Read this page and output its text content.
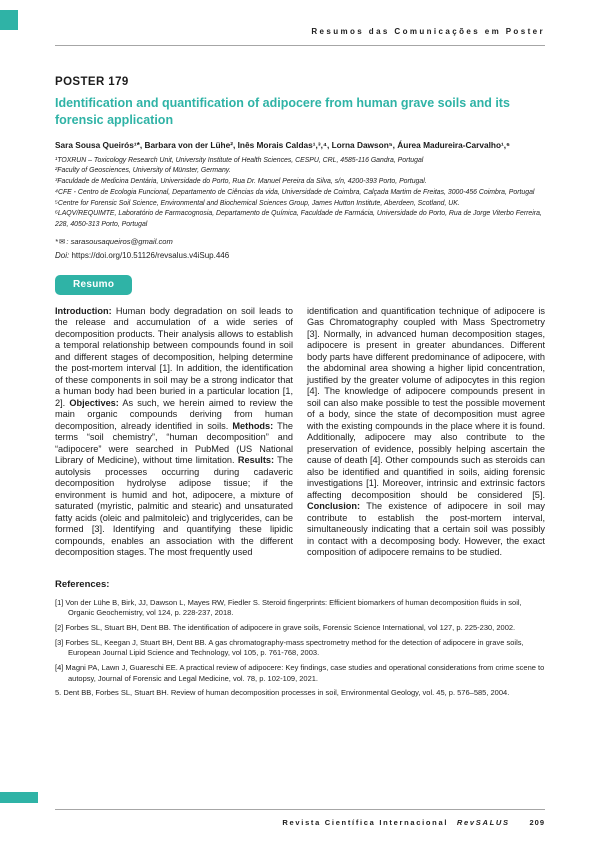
Resumos das Comunicações em Poster
POSTER 179
Identification and quantification of adipocere from human grave soils and its forensic application
Sara Sousa Queirós¹*, Barbara von der Lühe², Inês Morais Caldas¹,³,⁴, Lorna Dawson⁵, Áurea Madureira-Carvalho¹,⁶
¹TOXRUN – Toxicology Research Unit, University Institute of Health Sciences, CESPU, CRL, 4585-116 Gandra, Portugal
²Faculty of Geosciences, University of Münster, Germany.
³Faculdade de Medicina Dentária, Universidade do Porto, Rua Dr. Manuel Pereira da Silva, s/n, 4200-393 Porto, Portugal.
⁴CFE - Centro de Ecologia Funcional, Departamento de Ciências da vida, Universidade de Coimbra, Calçada Martim de Freitas, 3000-456 Coimbra, Portugal
⁵Centre for Forensic Soil Science, Environmental and Biochemical Sciences Group, James Hutton Institute, Aberdeen, Scotland, UK.
⁶LAQV/REQUIMTE, Laboratório de Farmacognosia, Departamento de Química, Faculdade de Farmácia, Universidade do Porto, Rua de Jorge Viterbo Ferreira, 228, 4050-313 Porto, Portugal
*✉: sarasousaqueiros@gmail.com
Doi: https://doi.org/10.51126/revsalus.v4iSup.446
Resumo

Introduction: Human body degradation on soil leads to the release and accumulation of a wide series of decomposition products. Their analysis allows to establish a temporal relationship between compounds found in soil and different stages of decomposition, helping determine the post-mortem interval [1]. In addition, the identification of these components in soil may be a strong indicator that a human body had been buried in a particular location [1, 2]. Objectives: As such, we herein aimed to review the main organic compounds deriving from human decomposition, already identified in soils. Methods: The terms “soil chemistry”, “human decomposition” and “adipocere” were searched in PubMed (US National Library of Medicine), without time limitation. Results: The autolysis processes occurring during cadaveric decomposition hydrolyse adipose tissue; if the environment is humid and hot, adipocere, a mixture of saturated (myristic, palmitic and stearic) and unsaturated fatty acids (oleic and palmitoleic) and triglycerides, can be formed [3]. Identifying and quantifying these lipidic compounds, enables an association with the different decomposition stages. The most frequently used

identification and quantification technique of adipocere is Gas Chromatography coupled with Mass Spectrometry [3]. Normally, in advanced human decomposition stages, adipocere is present in greater abundances. Different body parts have different predominance of adipocere, with the abdominal area showing a higher lipid concentration, justified by the greater volume of adipocytes in this region [4]. The knowledge of adipocere compounds present in soil can also make possible to test the possible movement of a body, since the state of decomposition must agree with the existing compounds in the place where it is found. Additionally, adipocere may also contribute to the preservation of evidence, possibly helping ascertain the cause of death [4]. Other compounds such as steroids can also be identified and quantified in soils, aiding forensic investigations [1]. Moreover, intrinsic and extrinsic factors affecting decomposition should be considered [5]. Conclusion: The existence of adipocere in soil may contribute to establish the post-mortem interval, simultaneously indicating that a certain soil was possibly in contact with a decomposing body. However, the exact composition of adipocere remains to be studied.

References:
[1] Von der Lühe B, Birk, JJ, Dawson L, Mayes RW, Fiedler S. Steroid fingerprints: Efficient biomarkers of human decomposition fluids in soil, Organic Geochemistry, vol 124, p. 228-237, 2018.
[2] Forbes SL, Stuart BH, Dent BB. The identification of adipocere in grave soils, Forensic Science International, vol 127, p. 225-230, 2002.
[3] Forbes SL, Keegan J, Stuart BH, Dent BB. A gas chromatography-mass spectrometry method for the detection of adipocere in grave soils, European Journal Lipid Science and Technology, vol 105, p. 761-768, 2003.
[4] Magni PA, Lawn J, Guareschi EE. A practical review of adipocere: Key findings, case studies and operational considerations from crime scene to autopsy, Journal of Forensic and Legal Medicine, vol. 78, p. 102-109, 2021.
5. Dent BB, Forbes SL, Stuart BH. Review of human decomposition processes in soil, Environmental Geology, vol. 45, p. 576–585, 2004.
Revista Científica Internacional RevSALUS	209
